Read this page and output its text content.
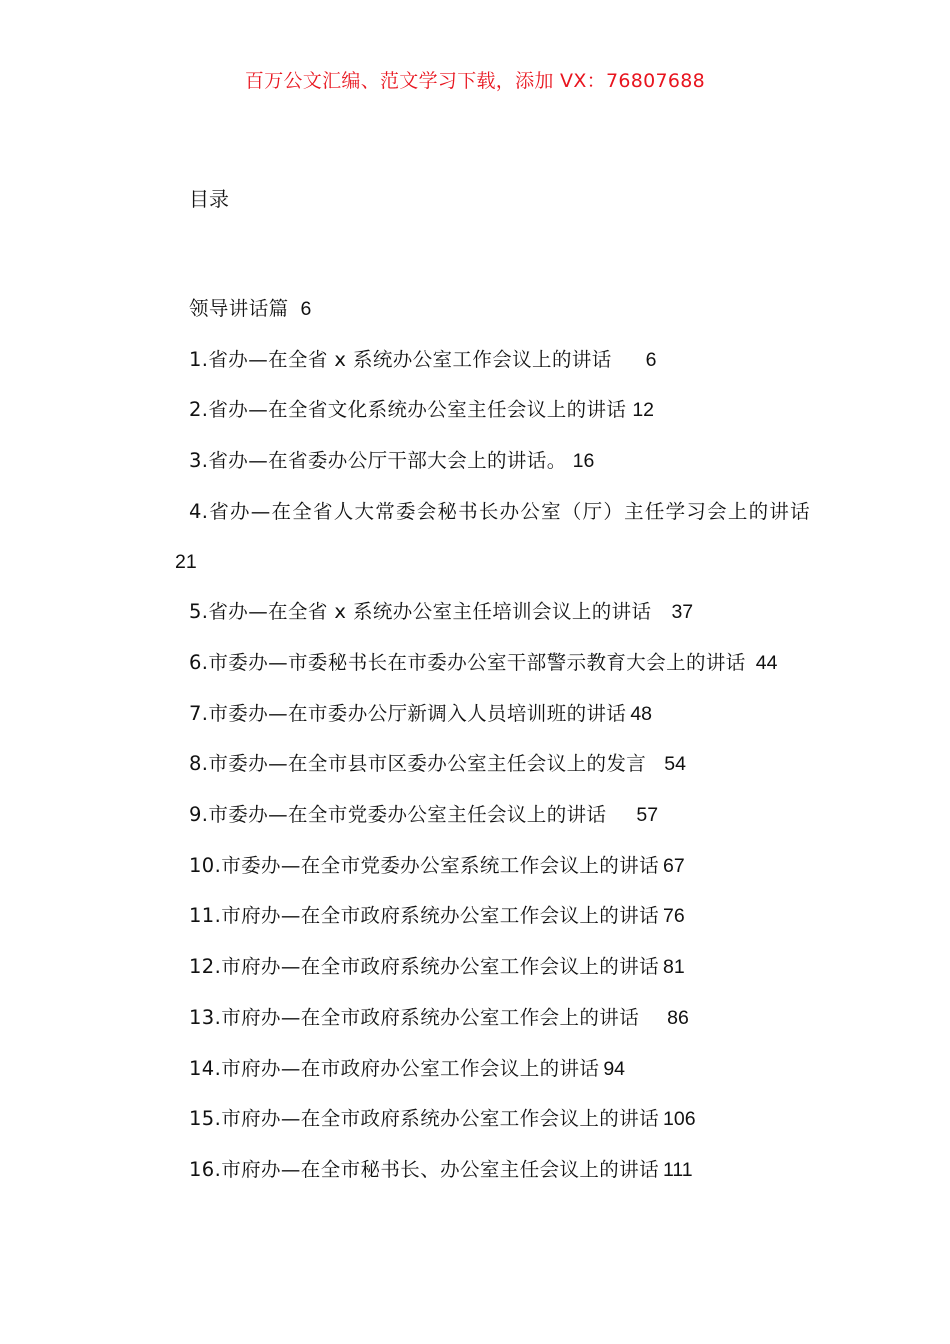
百万公文汇编、范文学习下载，添加 VX：76807688
目录

领导讲话篇 6

1.省办—在全省 x 系统办公室工作会议上的讲话 6

2.省办—在全省文化系统办公室主任会议上的讲话 12

3.省办—在省委办公厅干部大会上的讲话。 16

4.省办—在全省人大常委会秘书长办公室（厅）主任学习会上的讲话21

5.省办—在全省 x 系统办公室主任培训会议上的讲话 37

6.市委办—市委秘书长在市委办公室干部警示教育大会上的讲话 44

7.市委办—在市委办公厅新调入人员培训班的讲话 48

8.市委办—在全市县市区委办公室主任会议上的发言 54

9.市委办—在全市党委办公室主任会议上的讲话 57

10.市委办—在全市党委办公室系统工作会议上的讲话 67

11.市府办—在全市政府系统办公室工作会议上的讲话 76

12.市府办—在全市政府系统办公室工作会议上的讲话 81

13.市府办—在全市政府系统办公室工作会上的讲话 86

14.市府办—在市政府办公室工作会议上的讲话 94

15.市府办—在全市政府系统办公室工作会议上的讲话 106

16.市府办—在全市秘书长、办公室主任会议上的讲话 111
